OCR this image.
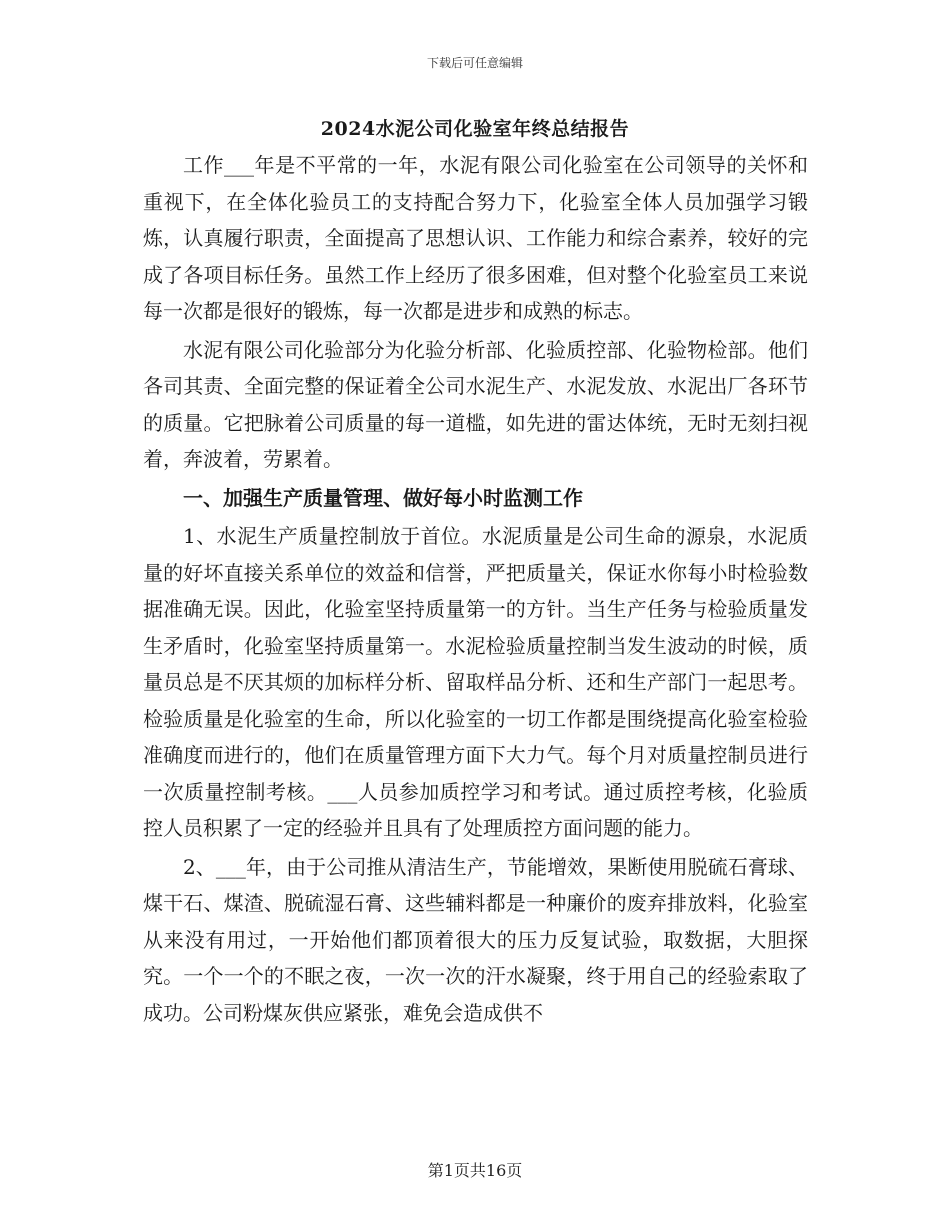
下载后可任意编辑
2024水泥公司化验室年终总结报告

工作___年是不平常的一年，水泥有限公司化验室在公司领导的关怀和重视下，在全体化验员工的支持配合努力下，化验室全体人员加强学习锻炼，认真履行职责，全面提高了思想认识、工作能力和综合素养，较好的完成了各项目标任务。虽然工作上经历了很多困难，但对整个化验室员工来说每一次都是很好的锻炼，每一次都是进步和成熟的标志。

水泥有限公司化验部分为化验分析部、化验质控部、化验物检部。他们各司其责、全面完整的保证着全公司水泥生产、水泥发放、水泥出厂各环节的质量。它把脉着公司质量的每一道槛，如先进的雷达体统，无时无刻扫视着，奔波着，劳累着。

一、加强生产质量管理、做好每小时监测工作

1、水泥生产质量控制放于首位。水泥质量是公司生命的源泉，水泥质量的好坏直接关系单位的效益和信誉，严把质量关，保证水你每小时检验数据准确无误。因此，化验室坚持质量第一的方针。当生产任务与检验质量发生矛盾时，化验室坚持质量第一。水泥检验质量控制当发生波动的时候，质量员总是不厌其烦的加标样分析、留取样品分析、还和生产部门一起思考。检验质量是化验室的生命，所以化验室的一切工作都是围绕提高化验室检验准确度而进行的，他们在质量管理方面下大力气。每个月对质量控制员进行一次质量控制考核。___人员参加质控学习和考试。通过质控考核，化验质控人员积累了一定的经验并且具有了处理质控方面问题的能力。

2、___年，由于公司推从清洁生产，节能增效，果断使用脱硫石膏球、煤干石、煤渣、脱硫湿石膏、这些辅料都是一种廉价的废弃排放料，化验室从来没有用过，一开始他们都顶着很大的压力反复试验，取数据，大胆探究。一个一个的不眠之夜，一次一次的汗水凝聚，终于用自己的经验索取了成功。公司粉煤灰供应紧张，难免会造成供不

第1页共16页
